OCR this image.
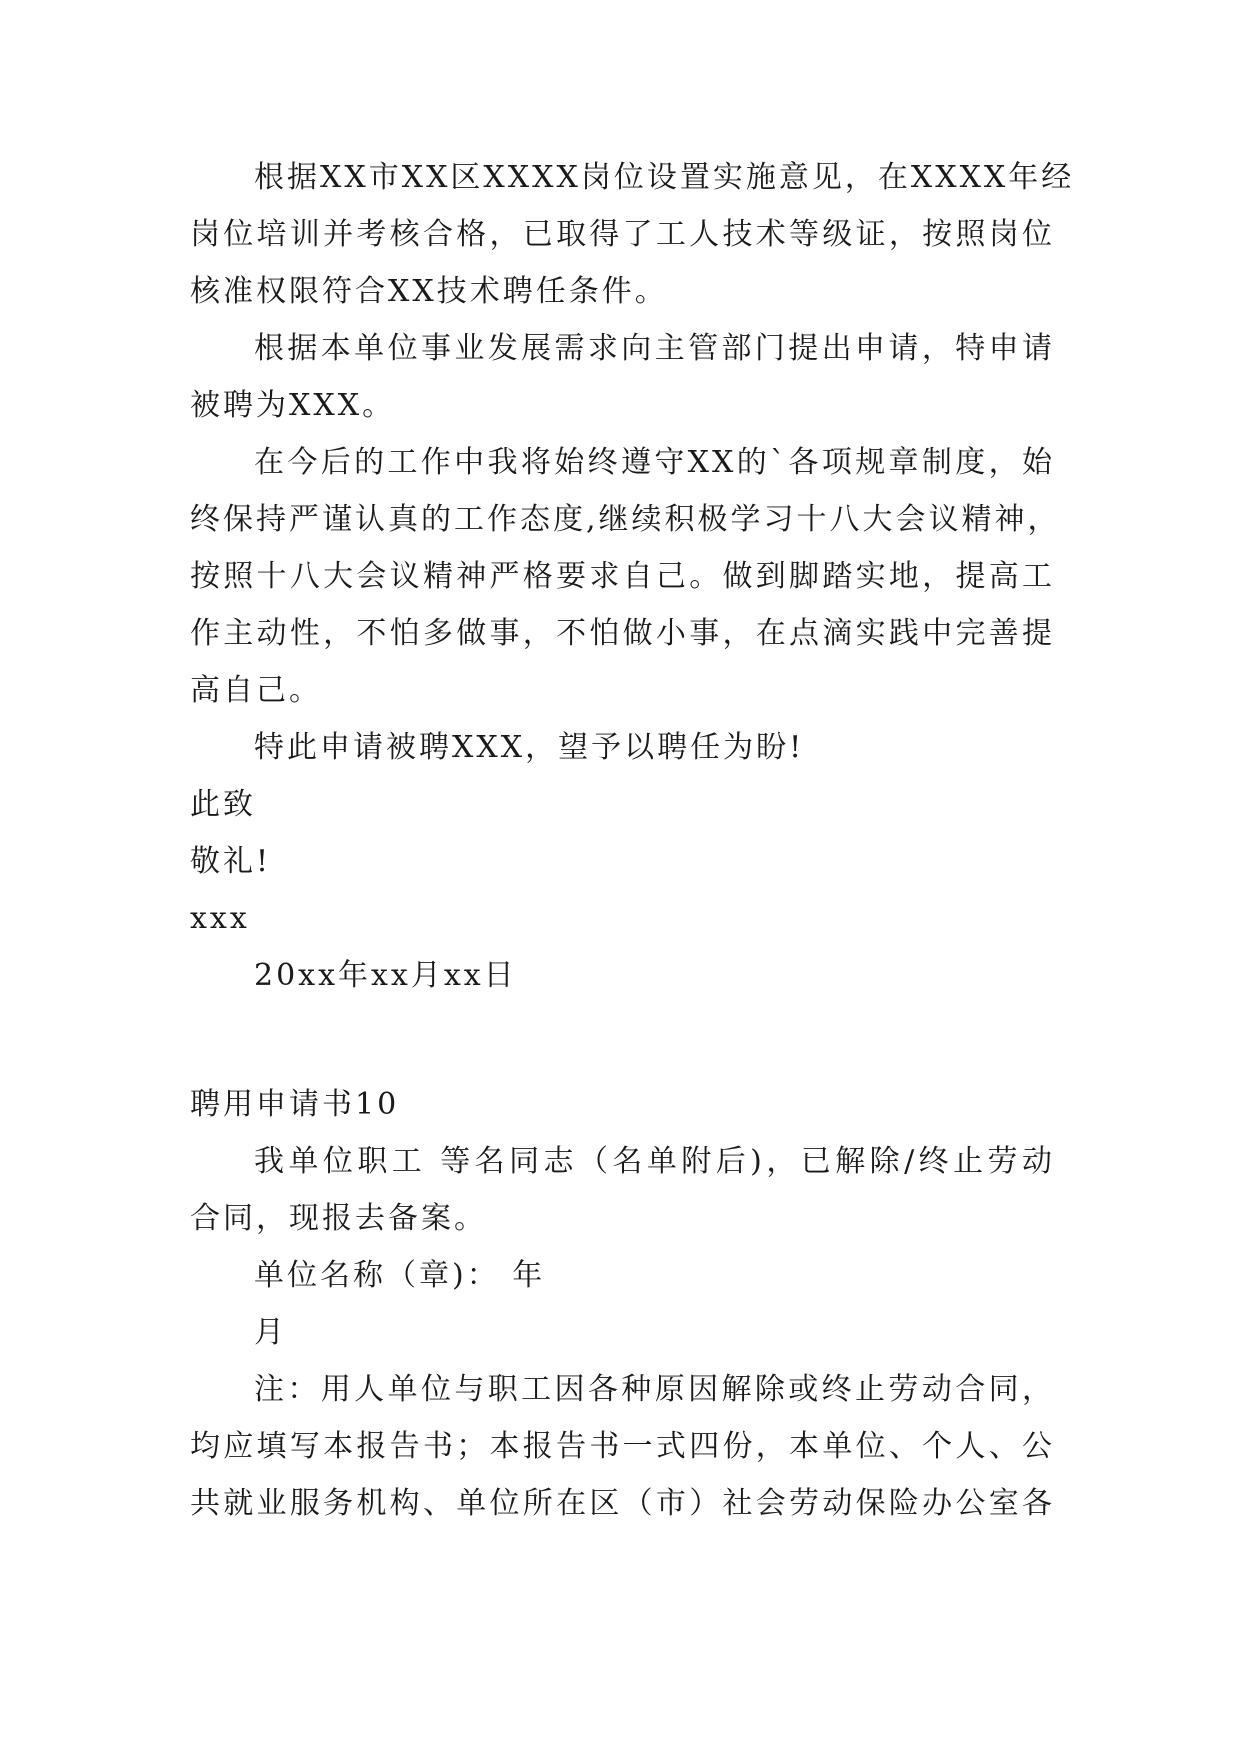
根据XX市XX区XXXX岗位设置实施意见，在XXXX年经
岗位培训并考核合格，已取得了工人技术等级证，按照岗位
核准权限符合XX技术聘任条件。
根据本单位事业发展需求向主管部门提出申请，特申请
被聘为XXX。
在今后的工作中我将始终遵守XX的`各项规章制度，始
终保持严谨认真的工作态度,继续积极学习十八大会议精神，
按照十八大会议精神严格要求自己。做到脚踏实地，提高工
作主动性，不怕多做事，不怕做小事，在点滴实践中完善提
高自己。
特此申请被聘XXX，望予以聘任为盼!
此致
敬礼!
xxx
20xx年xx月xx日
聘用申请书10
我单位职工 等名同志（名单附后)，已解除/终止劳动
合同，现报去备案。
单位名称（章)： 年
月
注：用人单位与职工因各种原因解除或终止劳动合同，
均应填写本报告书；本报告书一式四份，本单位、个人、公
共就业服务机构、单位所在区（市）社会劳动保险办公室各
